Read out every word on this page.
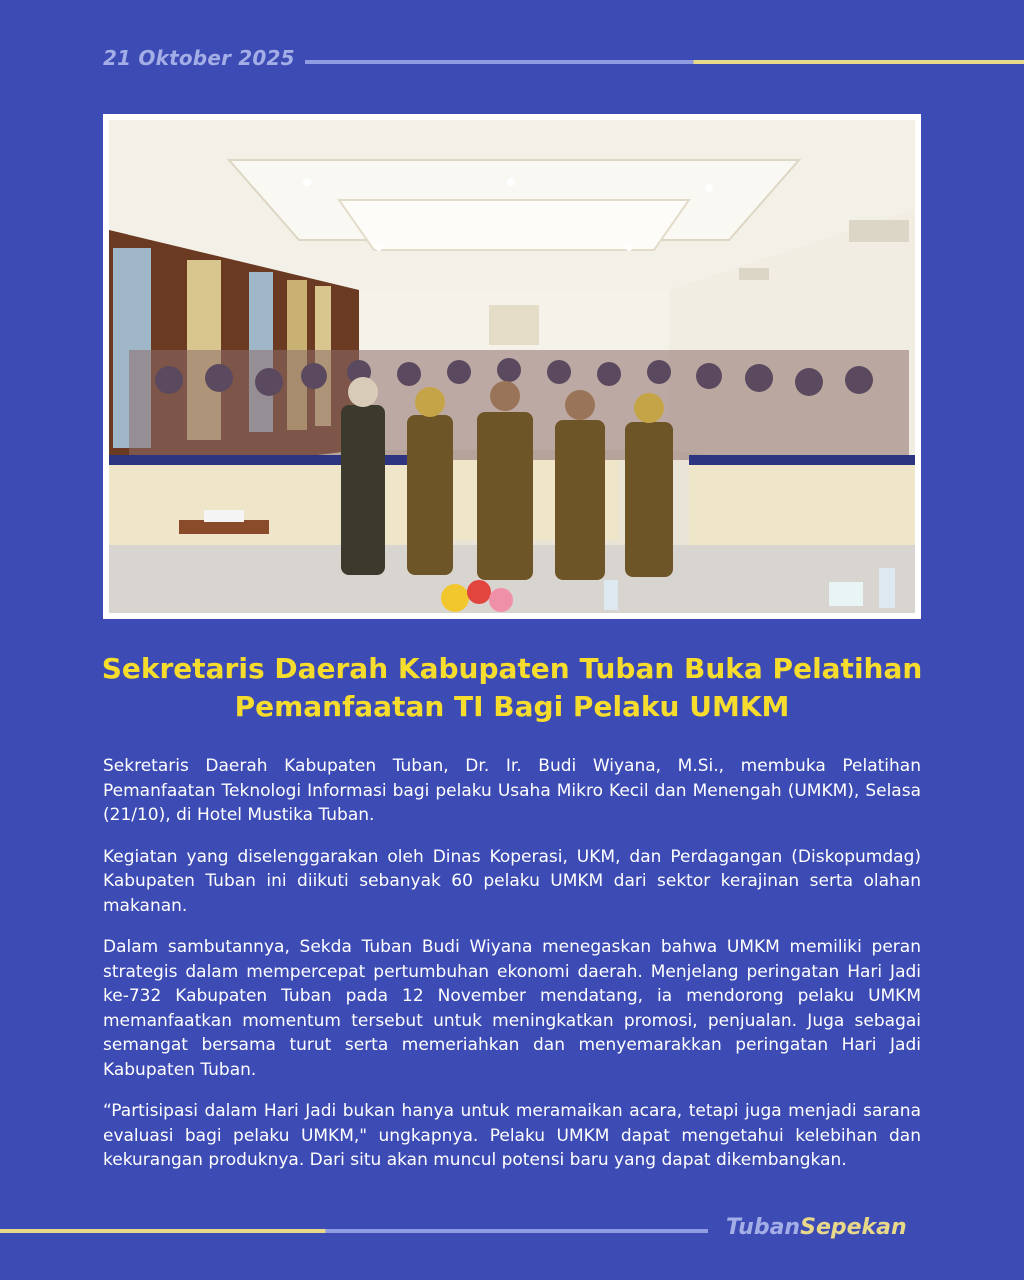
21 Oktober 2025
Sekretaris Daerah Kabupaten Tuban Buka Pelatihan Pemanfaatan TI Bagi Pelaku UMKM

Sekretaris Daerah Kabupaten Tuban, Dr. Ir. Budi Wiyana, M.Si., membuka Pelatihan Pemanfaatan Teknologi Informasi bagi pelaku Usaha Mikro Kecil dan Menengah (UMKM), Selasa (21/10), di Hotel Mustika Tuban.

Kegiatan yang diselenggarakan oleh Dinas Koperasi, UKM, dan Perdagangan (Diskopumdag) Kabupaten Tuban ini diikuti sebanyak 60 pelaku UMKM dari sektor kerajinan serta olahan makanan.

Dalam sambutannya, Sekda Tuban Budi Wiyana menegaskan bahwa UMKM memiliki peran strategis dalam mempercepat pertumbuhan ekonomi daerah. Menjelang peringatan Hari Jadi ke-732 Kabupaten Tuban pada 12 November mendatang, ia mendorong pelaku UMKM memanfaatkan momentum tersebut untuk meningkatkan promosi, penjualan. Juga sebagai semangat bersama turut serta memeriahkan dan menyemarakkan peringatan Hari Jadi Kabupaten Tuban.

“Partisipasi dalam Hari Jadi bukan hanya untuk meramaikan acara, tetapi juga menjadi sarana evaluasi bagi pelaku UMKM," ungkapnya. Pelaku UMKM dapat mengetahui kelebihan dan kekurangan produknya. Dari situ akan muncul potensi baru yang dapat dikembangkan.

TubanSepekan
